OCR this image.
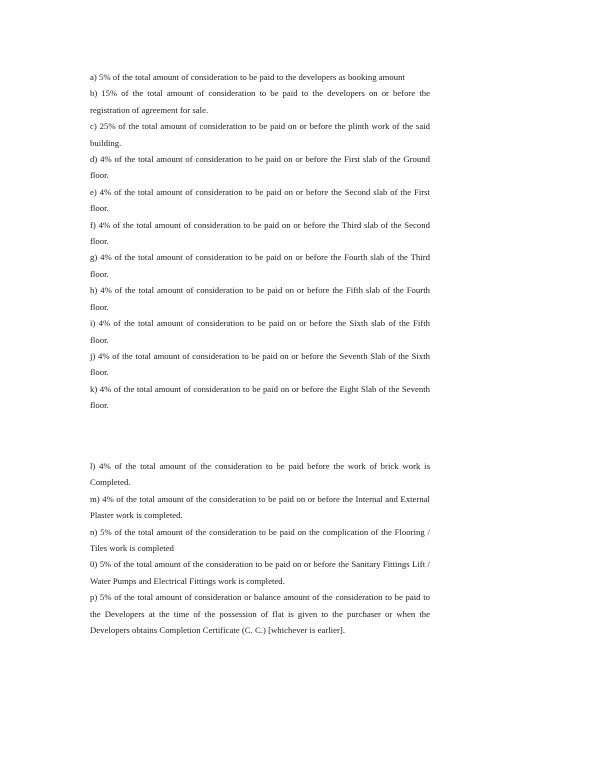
a) 5% of the total amount of consideration to be paid to the developers as booking amount
b) 15% of the total amount of consideration to be paid to the developers on or before the registration of agreement for sale.
c) 25% of the total amount of consideration to be paid on or before the plinth work of the said building.
d) 4% of the total amount of consideration to be paid on or before the First slab of the Ground floor.
e) 4% of the total amount of consideration to be paid on or before the Second slab of the First floor.
f) 4% of the total amount of consideration to be paid on or before the Third slab of the Second floor.
g) 4% of the total amount of consideration to be paid on or before the Fourth slab of the Third floor.
h) 4% of the total amount of consideration to be paid on or before the Fifth slab of the Fourth floor.
i) 4% of the total amount of consideration to be paid on or before the Sixth slab of the Fifth floor.
j) 4% of the total amount of consideration to be paid on or before the Seventh Slab of the Sixth floor.
k) 4% of the total amount of consideration to be paid on or before the Eight Slab of the Seventh floor.
l) 4% of the total amount of the consideration to be paid before the work of brick work is Completed.
m) 4% of the total amount of the consideration to be paid on or before the Internal and External Plaster work is completed.
n) 5% of the total amount of the consideration to be paid on the complication of the Flooring / Tiles work is completed
0) 5% of the total amount of the consideration to be paid on or before the Sanitary Fittings Lift / Water Pumps and Electrical Fittings work is completed.
p) 5% of the total amount of consideration or balance amount of the consideration to be paid to the Developers at the time of the possession of flat is given to the purchaser or when the Developers obtains Completion Certificate (C. C.) [whichever is earlier].
